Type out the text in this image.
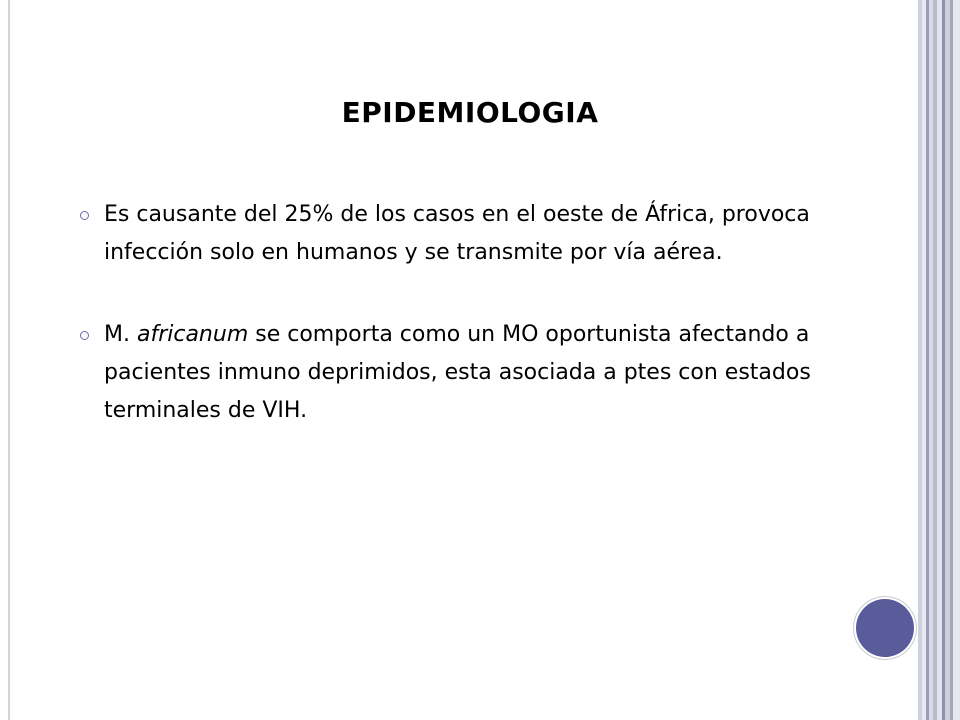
EPIDEMIOLOGIA
Es causante del 25% de los casos en el oeste de África, provoca infección solo en humanos y se transmite por vía aérea.
M. africanum se comporta como un MO oportunista afectando a pacientes inmuno deprimidos, esta asociada a ptes con estados terminales de VIH.
